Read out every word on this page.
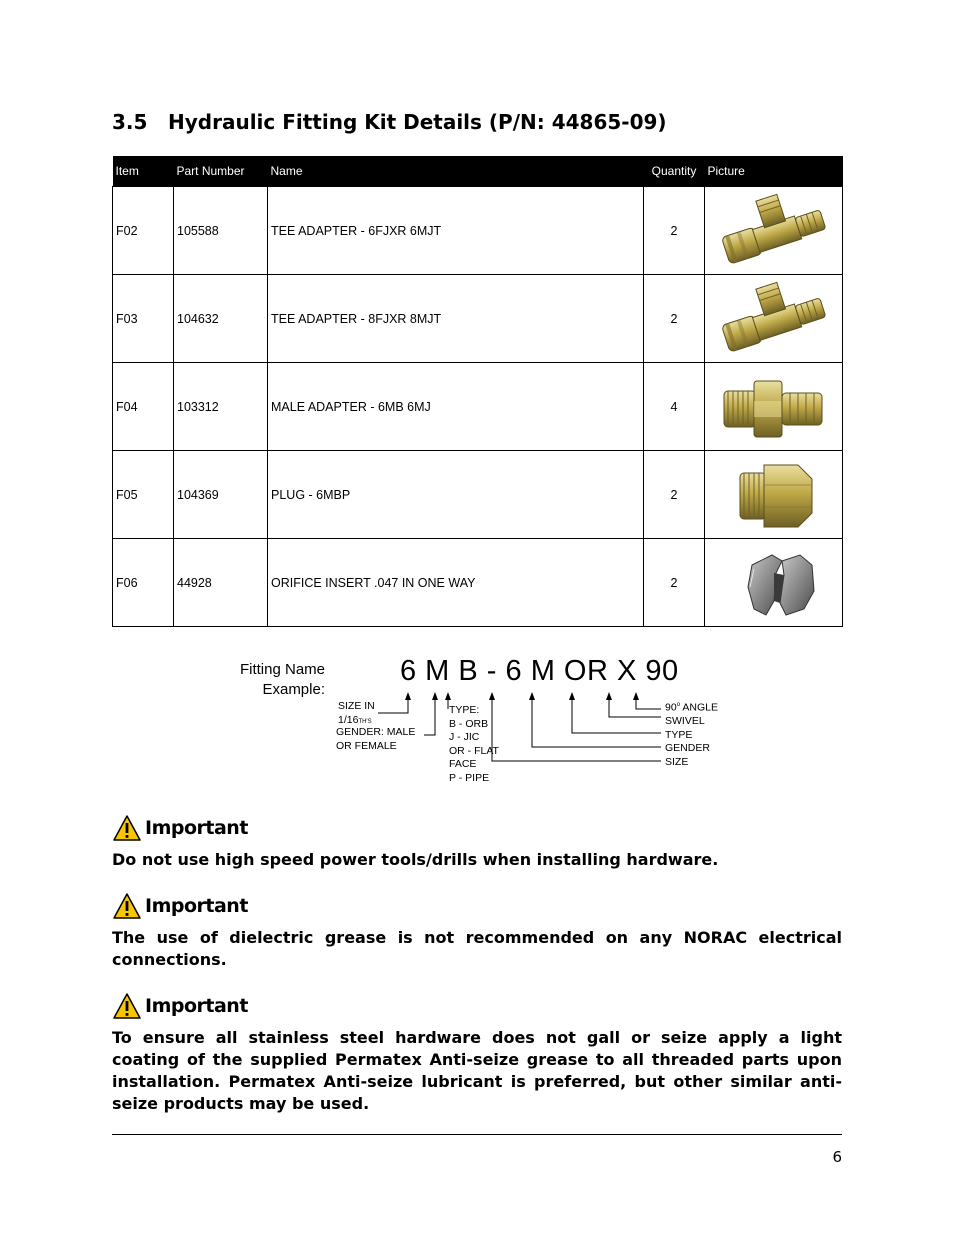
3.5 Hydraulic Fitting Kit Details (P/N: 44865-09)
Item	Part Number	Name	Quantity	Picture
F02	105588	TEE ADAPTER - 6FJXR 6MJT	2	

F03	104632	TEE ADAPTER - 8FJXR 8MJT	2	

F04	103312	MALE ADAPTER - 6MB 6MJ	4	

F05	104369	PLUG - 6MBP	2	

F06	44928	ORIFICE INSERT .047 IN ONE WAY	2	
Fitting Name
Example:
6 M B - 6 M OR X 90
SIZE IN
1/16TH'S
GENDER: MALE
OR FEMALE
TYPE:
B - ORB
J - JIC
OR - FLAT
FACE
P - PIPE
90$^o$ ANGLE
SWIVEL
TYPE
GENDER
SIZE
Important
Do not use high speed power tools/drills when installing hardware.
Important
The use of dielectric grease is not recommended on any NORAC electrical connections.
Important
To ensure all stainless steel hardware does not gall or seize apply a light coating of the supplied Permatex Anti-seize grease to all threaded parts upon installation. Permatex Anti-seize lubricant is preferred, but other similar anti-seize products may be used.
6
